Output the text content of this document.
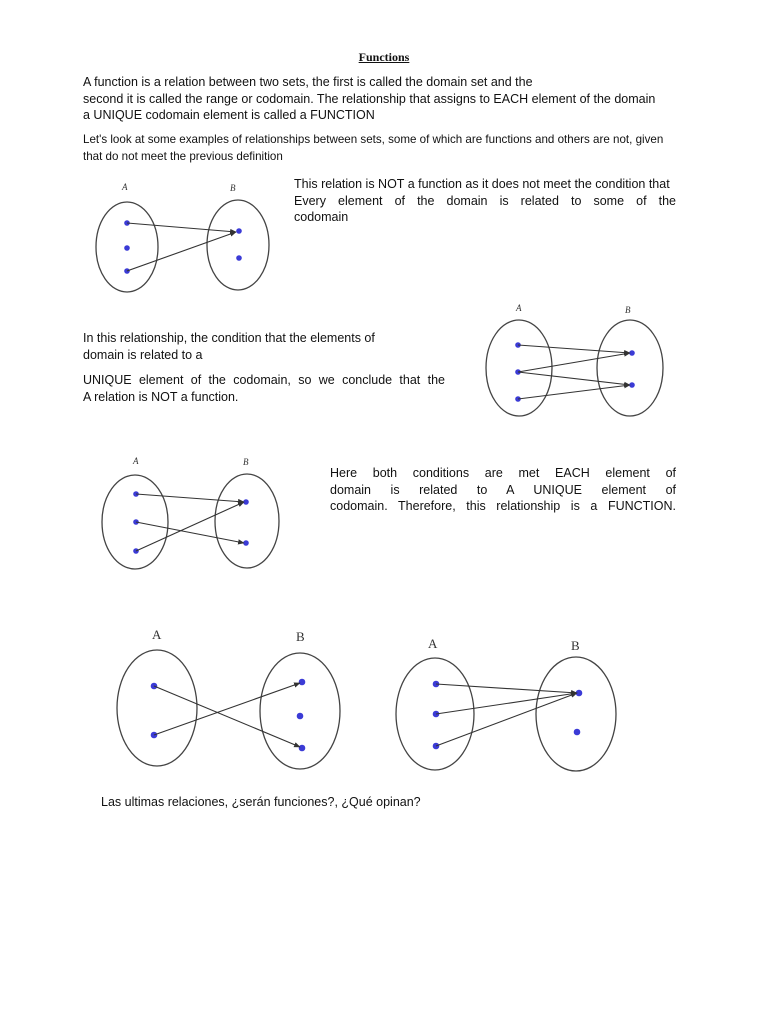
Functions
A function is a relation between two sets, the first is called the domain set and the
second it is called the range or codomain. The relationship that assigns to EACH element of the domain
a UNIQUE codomain element is called a FUNCTION
Let's look at some examples of relationships between sets, some of which are functions and others are not, given
that do not meet the previous definition
A	B	This relation is NOT a function as it does not meet the condition that
Every element of the domain is related to some of the
codomain
In this relationship, the condition that the elements of
domain is related to a
UNIQUE element of the codomain, so we conclude that the
A relation is NOT a function.
A	B
A	B
Here both conditions are met EACH element of
domain is related to A UNIQUE element of
codomain. Therefore, this relationship is a FUNCTION.
A	B	A	B
Las ultimas relaciones, ¿serán funciones?, ¿Qué opinan?
